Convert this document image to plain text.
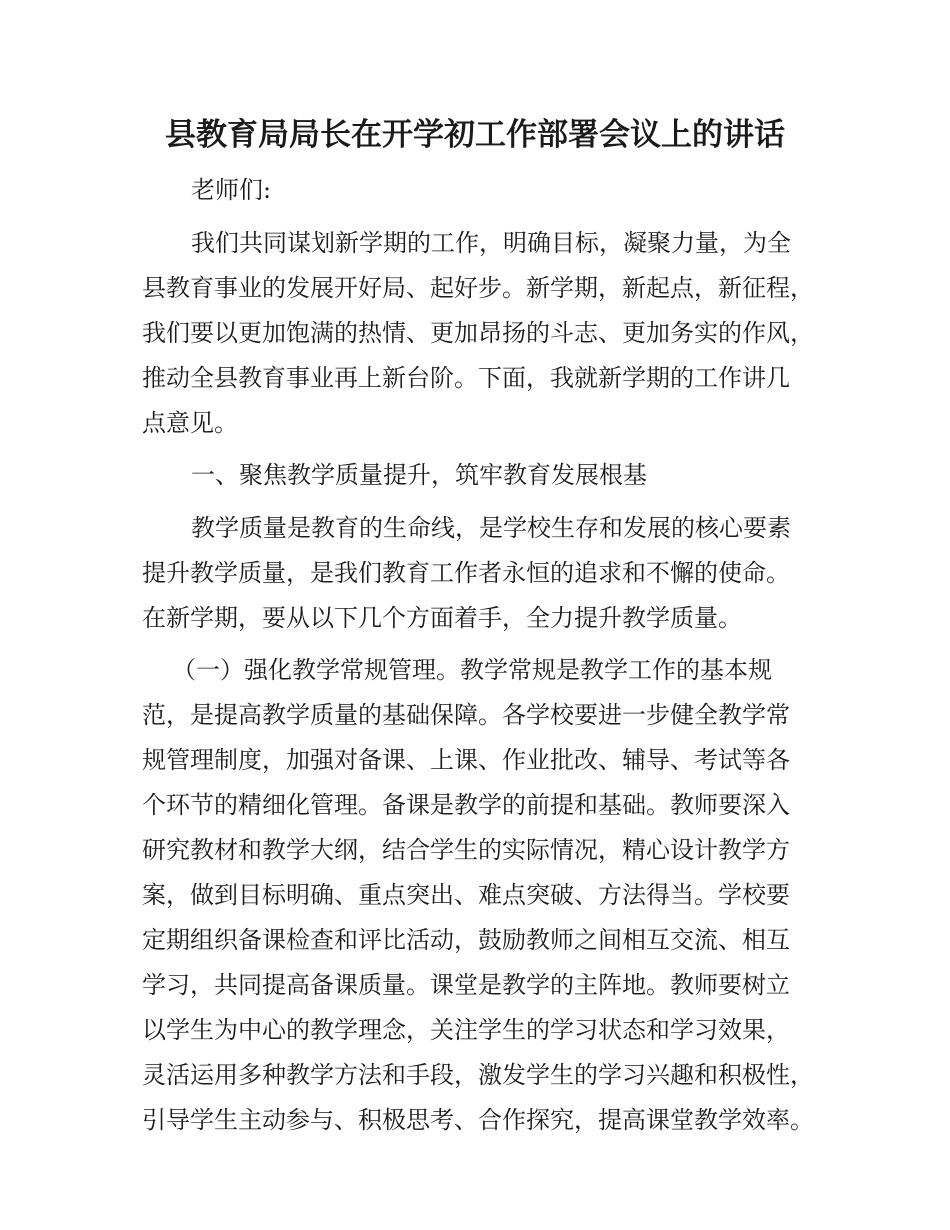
县教育局局长在开学初工作部署会议上的讲话
老师们:
我们共同谋划新学期的工作，明确目标，凝聚力量，为全
县教育事业的发展开好局、起好步。新学期，新起点，新征程，
我们要以更加饱满的热情、更加昂扬的斗志、更加务实的作风，
推动全县教育事业再上新台阶。下面，我就新学期的工作讲几
点意见。
一、聚焦教学质量提升，筑牢教育发展根基
教学质量是教育的生命线，是学校生存和发展的核心要素
提升教学质量，是我们教育工作者永恒的追求和不懈的使命。
在新学期，要从以下几个方面着手，全力提升教学质量。
（一）强化教学常规管理。教学常规是教学工作的基本规
范，是提高教学质量的基础保障。各学校要进一步健全教学常
规管理制度，加强对备课、上课、作业批改、辅导、考试等各
个环节的精细化管理。备课是教学的前提和基础。教师要深入
研究教材和教学大纲，结合学生的实际情况，精心设计教学方
案，做到目标明确、重点突出、难点突破、方法得当。学校要
定期组织备课检查和评比活动，鼓励教师之间相互交流、相互
学习，共同提高备课质量。课堂是教学的主阵地。教师要树立
以学生为中心的教学理念，关注学生的学习状态和学习效果，
灵活运用多种教学方法和手段，激发学生的学习兴趣和积极性，
引导学生主动参与、积极思考、合作探究，提高课堂教学效率。
